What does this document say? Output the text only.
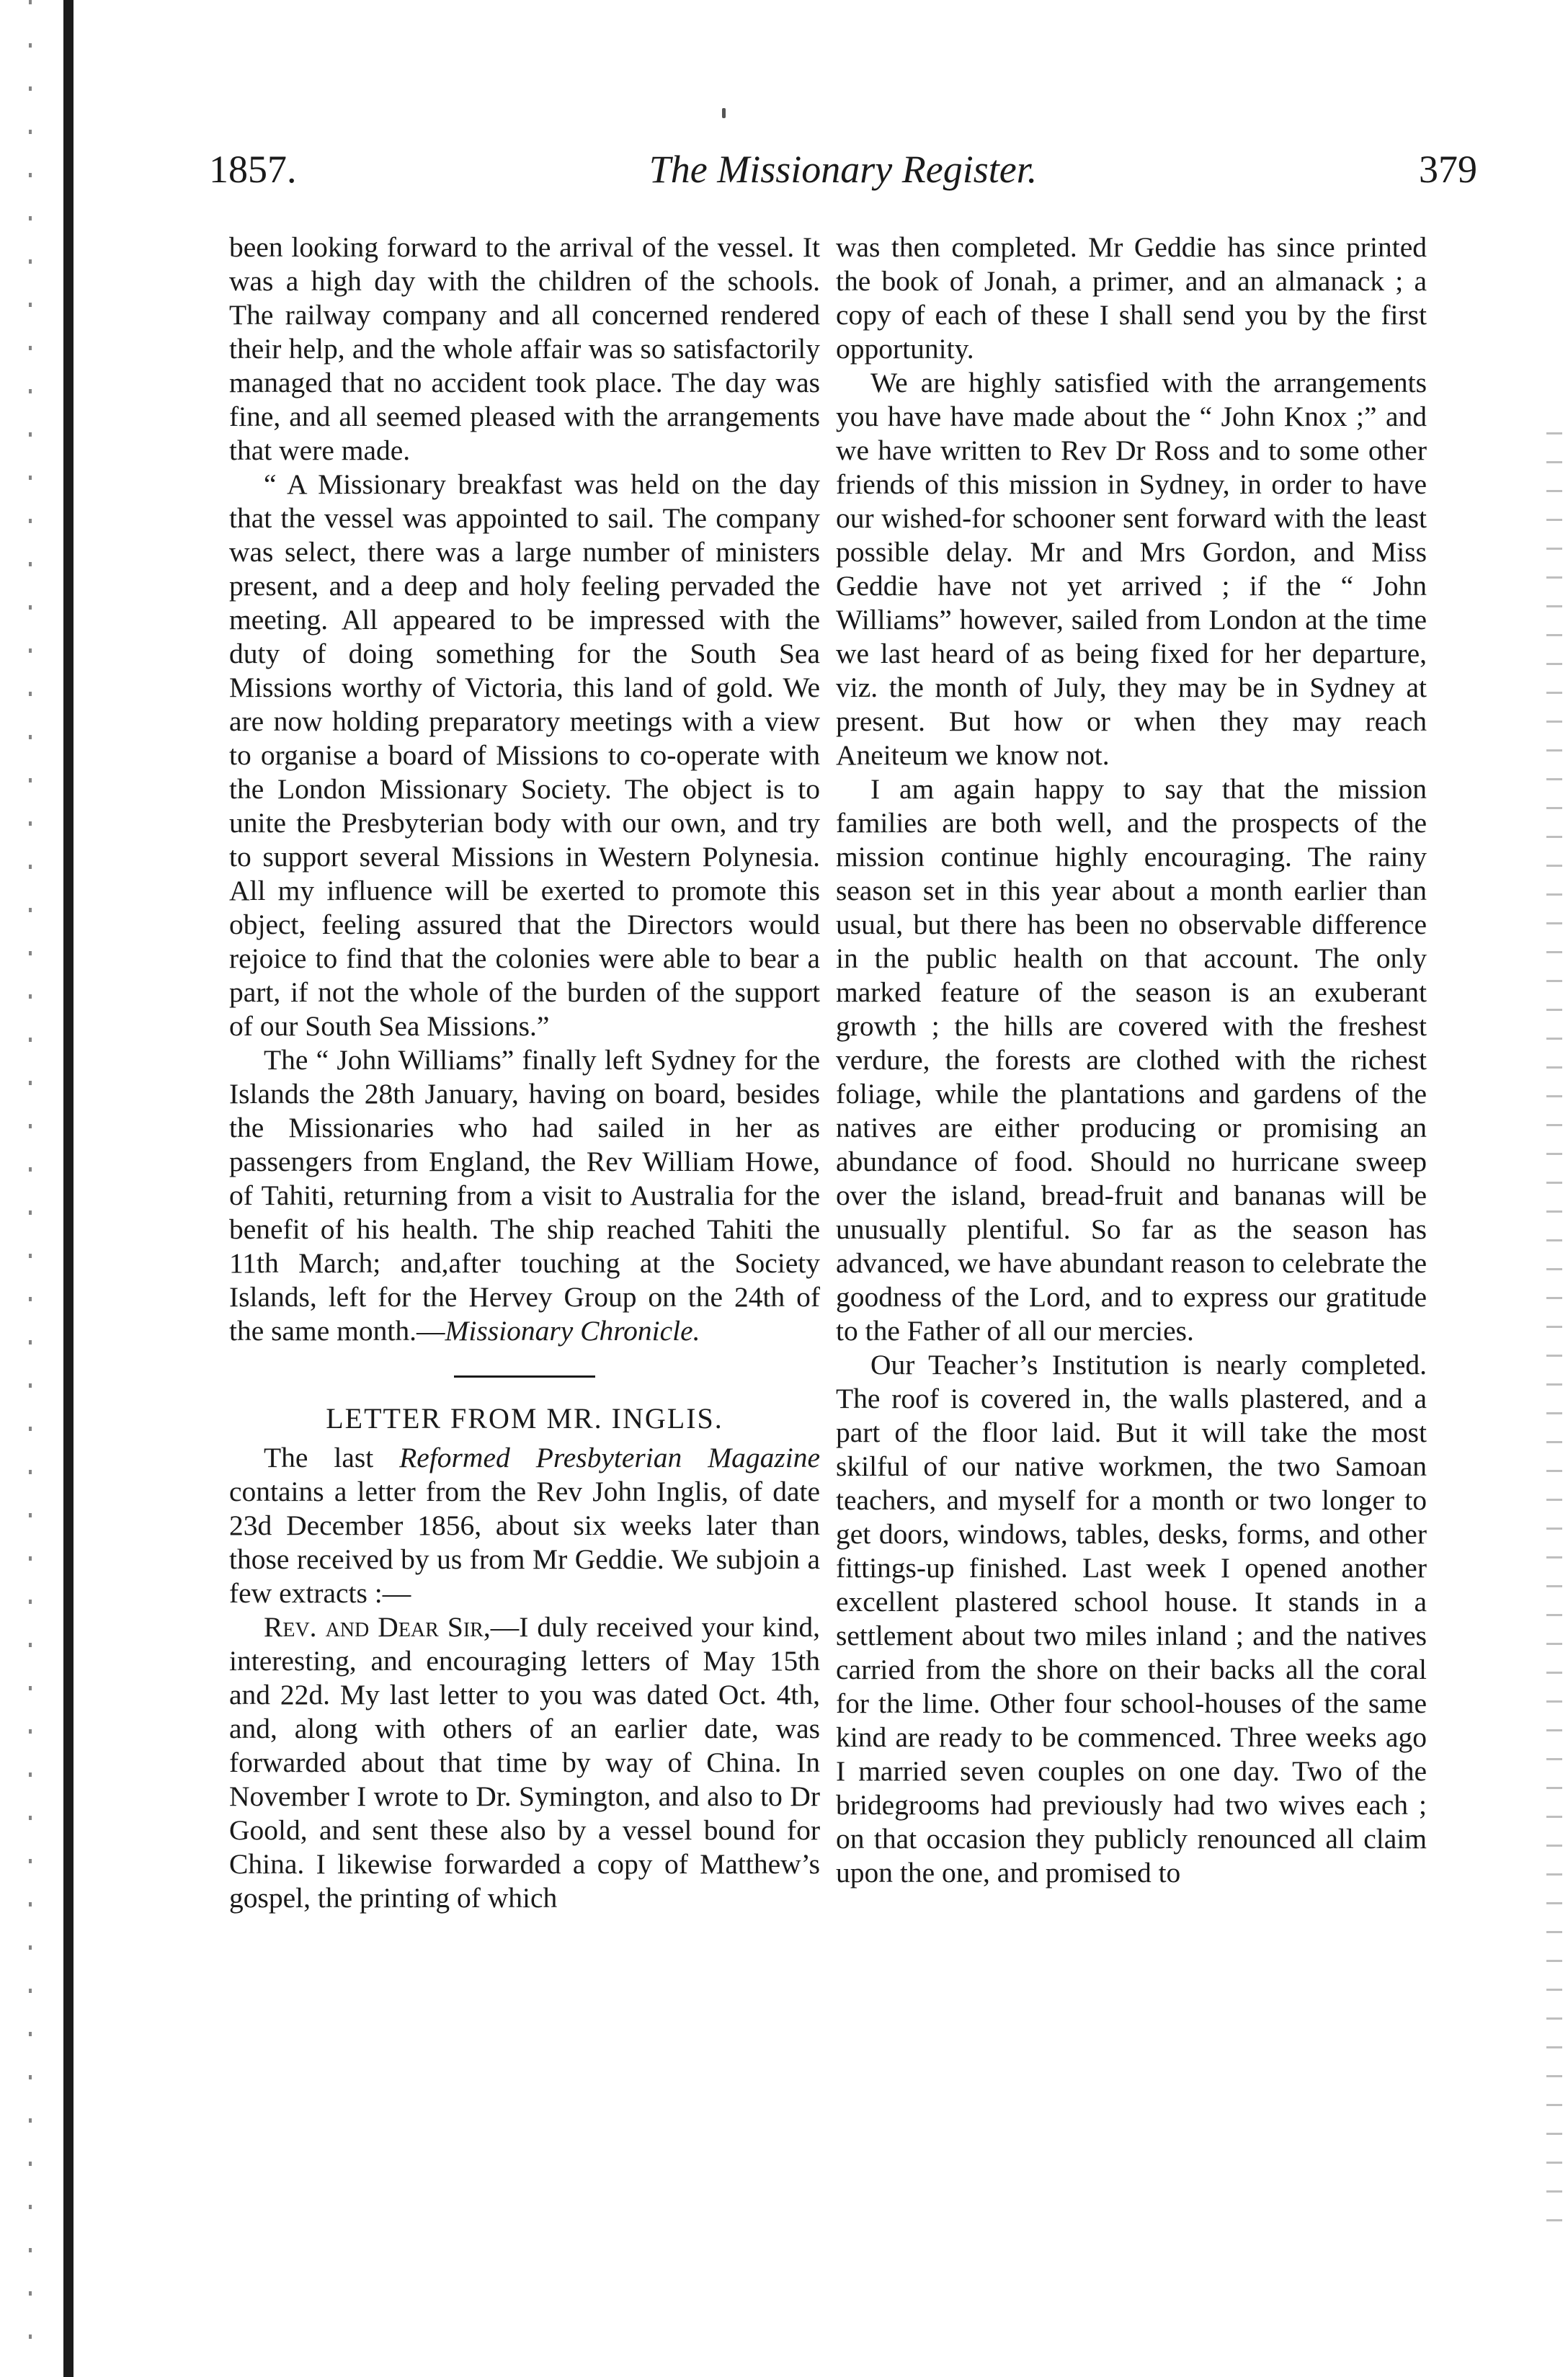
1857.	The Missionary Register.	379

been looking forward to the arrival of the vessel. It was a high day with the children of the schools. The railway company and all concerned rendered their help, and the whole affair was so satisfactorily managed that no accident took place. The day was fine, and all seemed pleased with the arrangements that were made.

“ A Missionary breakfast was held on the day that the vessel was appointed to sail. The company was select, there was a large number of ministers present, and a deep and holy feeling pervaded the meeting. All appeared to be impressed with the duty of doing something for the South Sea Missions worthy of Victoria, this land of gold. We are now holding preparatory meetings with a view to organise a board of Missions to co-operate with the London Missionary Society. The object is to unite the Presbyterian body with our own, and try to support several Missions in Western Polynesia. All my influence will be exerted to promote this object, feeling assured that the Directors would rejoice to find that the colonies were able to bear a part, if not the whole of the burden of the support of our South Sea Missions.”

The “ John Williams” finally left Sydney for the Islands the 28th January, having on board, besides the Missionaries who had sailed in her as passengers from England, the Rev William Howe, of Tahiti, returning from a visit to Australia for the benefit of his health. The ship reached Tahiti the 11th March; and,after touching at the Society Islands, left for the Hervey Group on the 24th of the same month.—Missionary Chronicle.

LETTER FROM MR. INGLIS.

The last Reformed Presbyterian Magazine contains a letter from the Rev John Inglis, of date 23d December 1856, about six weeks later than those received by us from Mr Geddie. We subjoin a few extracts :—

Rev. and Dear Sir,—I duly received your kind, interesting, and encouraging letters of May 15th and 22d. My last letter to you was dated Oct. 4th, and, along with others of an earlier date, was forwarded about that time by way of China. In November I wrote to Dr. Symington, and also to Dr Goold, and sent these also by a vessel bound for China. I likewise forwarded a copy of Matthew’s gospel, the printing of which

was then completed. Mr Geddie has since printed the book of Jonah, a primer, and an almanack ; a copy of each of these I shall send you by the first opportunity.

We are highly satisfied with the arrangements you have have made about the “ John Knox ;” and we have written to Rev Dr Ross and to some other friends of this mission in Sydney, in order to have our wished-for schooner sent forward with the least possible delay. Mr and Mrs Gordon, and Miss Geddie have not yet arrived ; if the “ John Williams” however, sailed from London at the time we last heard of as being fixed for her departure, viz. the month of July, they may be in Sydney at present. But how or when they may reach Aneiteum we know not.

I am again happy to say that the mission families are both well, and the prospects of the mission continue highly encouraging. The rainy season set in this year about a month earlier than usual, but there has been no observable difference in the public health on that account. The only marked feature of the season is an exuberant growth ; the hills are covered with the freshest verdure, the forests are clothed with the richest foliage, while the plantations and gardens of the natives are either producing or promising an abundance of food. Should no hurricane sweep over the island, bread-fruit and bananas will be unusually plentiful. So far as the season has advanced, we have abundant reason to celebrate the goodness of the Lord, and to express our gratitude to the Father of all our mercies.

Our Teacher’s Institution is nearly completed. The roof is covered in, the walls plastered, and a part of the floor laid. But it will take the most skilful of our native workmen, the two Samoan teachers, and myself for a month or two longer to get doors, windows, tables, desks, forms, and other fittings-up finished. Last week I opened another excellent plastered school house. It stands in a settlement about two miles inland ; and the natives carried from the shore on their backs all the coral for the lime. Other four school-houses of the same kind are ready to be commenced. Three weeks ago I married seven couples on one day. Two of the bridegrooms had previously had two wives each ; on that occasion they publicly renounced all claim upon the one, and promised to
